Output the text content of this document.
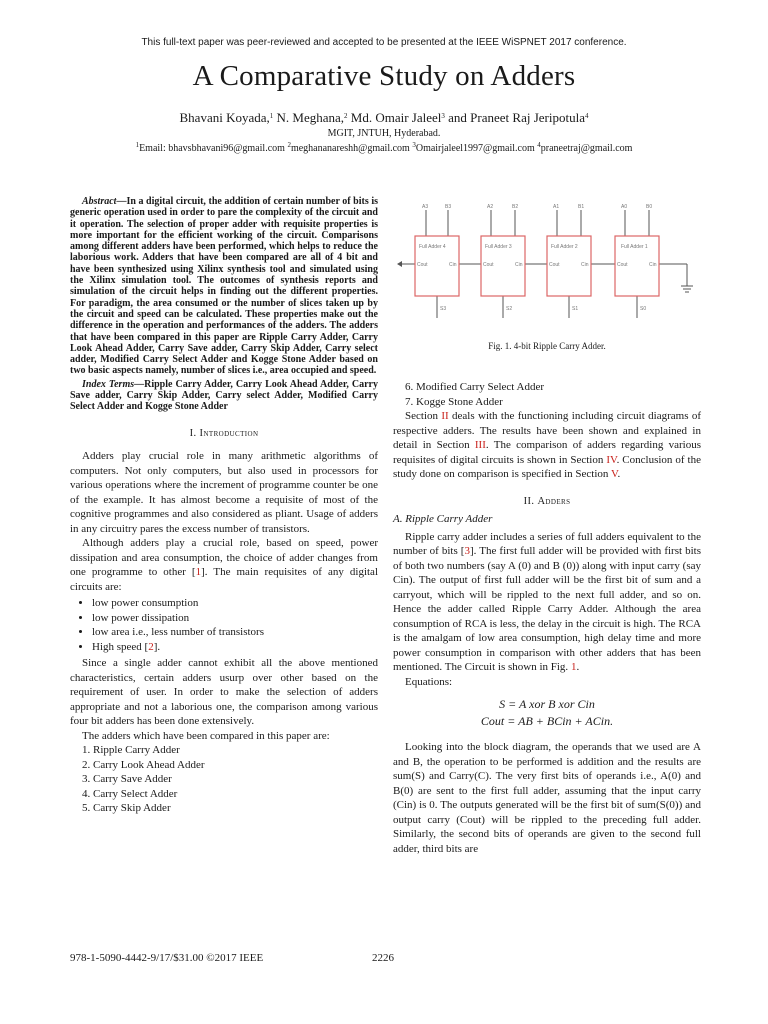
This full-text paper was peer-reviewed and accepted to be presented at the IEEE WiSPNET 2017 conference.
A Comparative Study on Adders
Bhavani Koyada,$^1$ N. Meghana,$^2$ Md. Omair Jaleel$^3$ and Praneet Raj Jeripotula$^4$
MGIT, JNTUH, Hyderabad.
$^1$Email: bhavsbhavani96@gmail.com $^2$meghananareshh@gmail.com $^3$Omairjaleel1997@gmail.com $^4$praneetraj@gmail.com

Abstract—In a digital circuit, the addition of certain number of bits is generic operation used in order to pare the complexity of the circuit and it operation. The selection of proper adder with requisite properties is more important for the efficient working of the circuit. Comparisons among different adders have been performed, which helps to reduce the laborious work. Adders that have been compared are all of 4 bit and have been synthesized using Xilinx synthesis tool and simulated using the Xilinx simulation tool. The outcomes of synthesis reports and simulation of the circuit helps in finding out the different properties. For paradigm, the area consumed or the number of slices taken up by the circuit and speed can be calculated. These properties make out the difference in the operation and performances of the adders. The adders that have been compared in this paper are Ripple Carry Adder, Carry Look Ahead Adder, Carry Save adder, Carry Skip Adder, Carry select adder, Modified Carry Select Adder and Kogge Stone Adder based on two basic aspects namely, number of slices i.e., area occupied and speed.

Index Terms—Ripple Carry Adder, Carry Look Ahead Adder, Carry Save adder, Carry Skip Adder, Carry select Adder, Modified Carry Select Adder and Kogge Stone Adder

I. Introduction

Adders play crucial role in many arithmetic algorithms of computers. Not only computers, but also used in processors for various operations where the increment of programme counter be one of the example. It has almost become a requisite of most of the cognitive programmes and also considered as pliant. Usage of adders in any circuitry pares the excess number of transistors.

Although adders play a crucial role, based on speed, power dissipation and area consumption, the choice of adder changes from one programme to other [1]. The main requisites of any digital circuits are:

• low power consumption
• low power dissipation
• low area i.e., less number of transistors
• High speed [2].

Since a single adder cannot exhibit all the above mentioned characteristics, certain adders usurp over other based on the requirement of user. In order to make the selection of adders appropriate and not a laborious one, the comparison among various four bit adders has been done extensively.

The adders which have been compared in this paper are:

1. Ripple Carry Adder
2. Carry Look Ahead Adder
3. Carry Save Adder
4. Carry Select Adder
5. Carry Skip Adder
Full Adder 4	Full Adder 3	Full Adder 2	Full Adder 1
Cout	Cin	Cout	Cin	Cout	Cin	Cout	Cin
A3	B3	A2	B2	A1	B1	A0	B0
S3	S2	S1	S0
Fig. 1. 4-bit Ripple Carry Adder.
6. Modified Carry Select Adder
7. Kogge Stone Adder

Section II deals with the functioning including circuit diagrams of respective adders. The results have been shown and explained in detail in Section III. The comparison of adders regarding various requisites of digital circuits is shown in Section IV. Conclusion of the study done on comparison is specified in Section V.

II. Adders

A. Ripple Carry Adder

Ripple carry adder includes a series of full adders equivalent to the number of bits [3]. The first full adder will be provided with first bits of both two numbers (say A (0) and B (0)) along with input carry (say Cin). The output of first full adder will be the first bit of sum and a carryout, which will be rippled to the next full adder, and so on. Hence the adder called Ripple Carry Adder. Although the area consumption of RCA is less, the delay in the circuit is high. The RCA is the amalgam of low area consumption, high delay time and more power consumption in comparison with other adders that has been mentioned. The Circuit is shown in Fig. 1.

Equations:

S = A xor B xor Cin
Cout = AB + BCin + ACin.

Looking into the block diagram, the operands that we used are A and B, the operation to be performed is addition and the results are sum(S) and Carry(C). The very first bits of operands i.e., A(0) and B(0) are sent to the first full adder, assuming that the input carry (Cin) is 0. The outputs generated will be the first bit of sum(S(0)) and output carry (Cout) will be rippled to the preceding full adder. Similarly, the second bits of operands are given to the second full adder, third bits are

978-1-5090-4442-9/17/$31.00 ©2017 IEEE	2226
